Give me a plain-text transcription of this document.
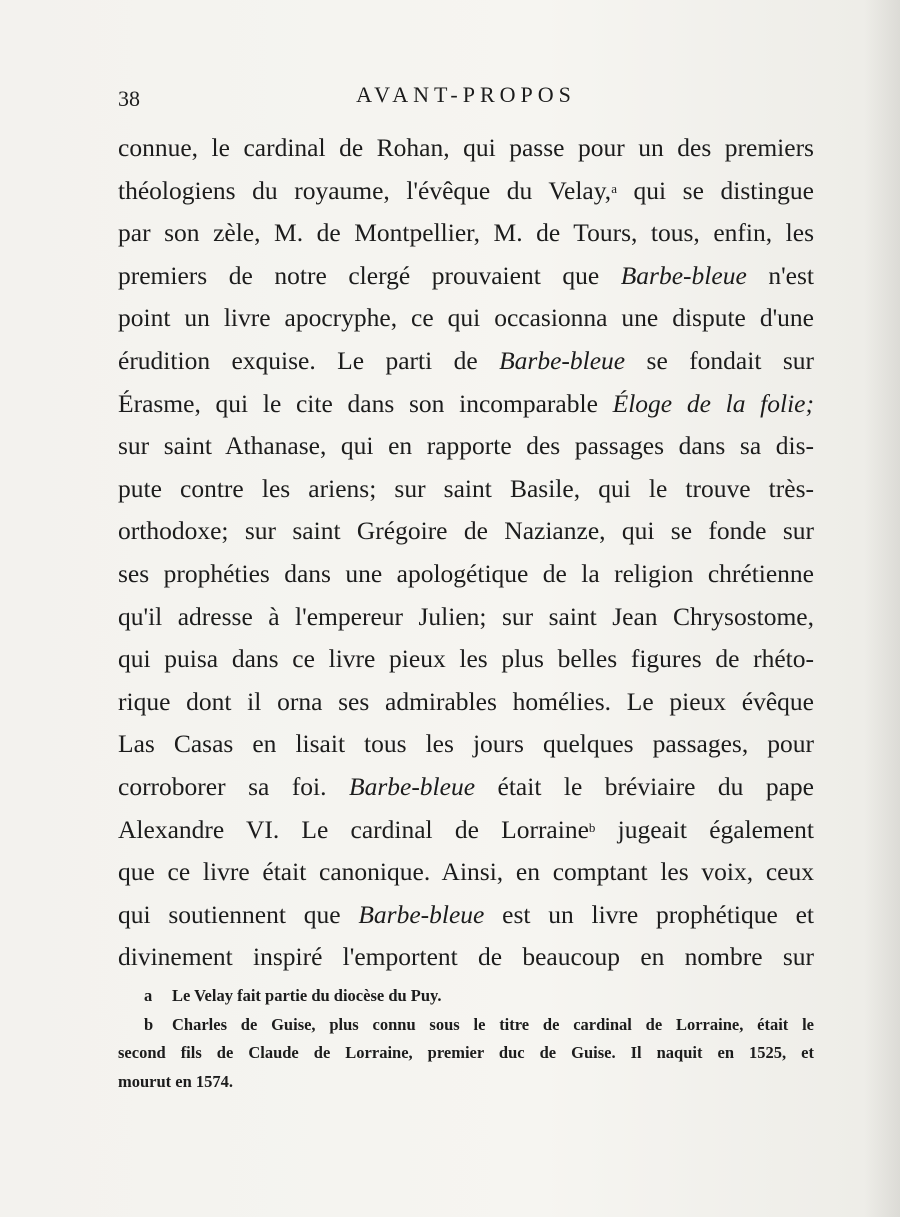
38	AVANT-PROPOS
connue, le cardinal de Rohan, qui passe pour un des premiers
théologiens du royaume, l'évêque du Velay,$^a$ qui se distingue
par son zèle, M. de Montpellier, M. de Tours, tous, enfin, les
premiers de notre clergé prouvaient que Barbe-bleue n'est
point un livre apocryphe, ce qui occasionna une dispute d'une
érudition exquise. Le parti de Barbe-bleue se fondait sur
Érasme, qui le cite dans son incomparable Éloge de la folie;
sur saint Athanase, qui en rapporte des passages dans sa dis-
pute contre les ariens; sur saint Basile, qui le trouve très-
orthodoxe; sur saint Grégoire de Nazianze, qui se fonde sur
ses prophéties dans une apologétique de la religion chrétienne
qu'il adresse à l'empereur Julien; sur saint Jean Chrysostome,
qui puisa dans ce livre pieux les plus belles figures de rhéto-
rique dont il orna ses admirables homélies. Le pieux évêque
Las Casas en lisait tous les jours quelques passages, pour
corroborer sa foi. Barbe-bleue était le bréviaire du pape
Alexandre VI. Le cardinal de Lorraine$^b$ jugeait également
que ce livre était canonique. Ainsi, en comptant les voix, ceux
qui soutiennent que Barbe-bleue est un livre prophétique et
divinement inspiré l'emportent de beaucoup en nombre sur
a Le Velay fait partie du diocèse du Puy.
b Charles de Guise, plus connu sous le titre de cardinal de Lorraine, était le
second fils de Claude de Lorraine, premier duc de Guise. Il naquit en 1525, et
mourut en 1574.
